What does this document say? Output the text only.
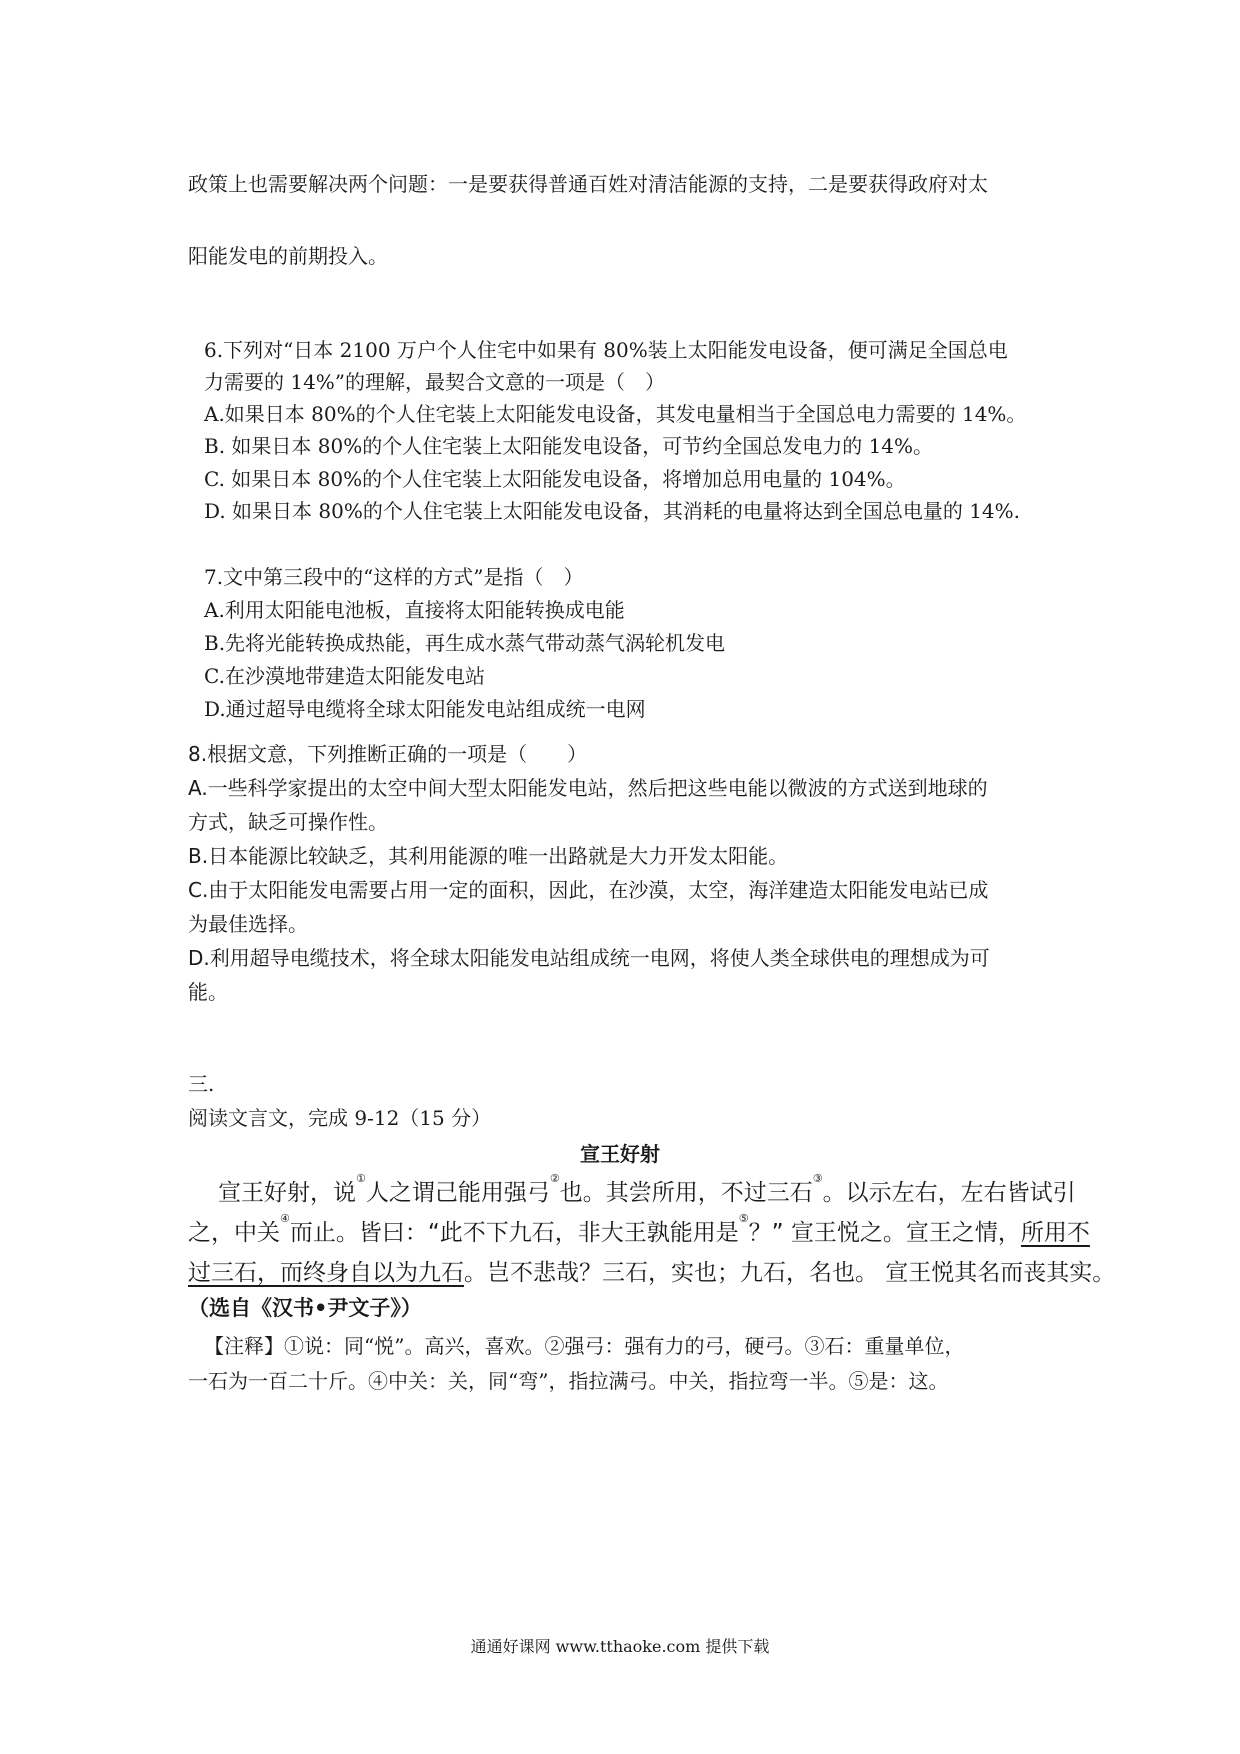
政策上也需要解决两个问题：一是要获得普通百姓对清洁能源的支持，二是要获得政府对太
阳能发电的前期投入。
6.下列对“日本 2100 万户个人住宅中如果有 80%装上太阳能发电设备，便可满足全国总电
力需要的 14%”的理解，最契合文意的一项是（　）
A.如果日本 80%的个人住宅装上太阳能发电设备，其发电量相当于全国总电力需要的 14%。
B. 如果日本 80%的个人住宅装上太阳能发电设备，可节约全国总发电力的 14%。
C. 如果日本 80%的个人住宅装上太阳能发电设备，将增加总用电量的 104%。
D. 如果日本 80%的个人住宅装上太阳能发电设备，其消耗的电量将达到全国总电量的 14%.
7.文中第三段中的“这样的方式”是指（　）
A.利用太阳能电池板，直接将太阳能转换成电能
B.先将光能转换成热能，再生成水蒸气带动蒸气涡轮机发电
C.在沙漠地带建造太阳能发电站
D.通过超导电缆将全球太阳能发电站组成统一电网
8.根据文意，下列推断正确的一项是（　　）
A.一些科学家提出的太空中间大型太阳能发电站，然后把这些电能以微波的方式送到地球的
方式，缺乏可操作性。
B.日本能源比较缺乏，其利用能源的唯一出路就是大力开发太阳能。
C.由于太阳能发电需要占用一定的面积，因此，在沙漠，太空，海洋建造太阳能发电站已成
为最佳选择。
D.利用超导电缆技术，将全球太阳能发电站组成统一电网，将使人类全球供电的理想成为可
能。
三.
阅读文言文，完成 9-12（15 分）
宣王好射
宣王好射，说①人之谓己能用强弓②也。其尝所用，不过三石③。以示左右，左右皆试引
之，中关④而止。皆曰：“此不下九石，非大王孰能用是⑤？” 宣王悦之。宣王之情，所用不
过三石，而终身自以为九石。岂不悲哉？三石，实也；九石，名也。 宣王悦其名而丧其实。
（选自《汉书•尹文子》）
【注释】①说：同“悦”。高兴，喜欢。②强弓：强有力的弓，硬弓。③石：重量单位，
一石为一百二十斤。④中关：关，同“弯”，指拉满弓。中关，指拉弯一半。⑤是：这。
通通好课网 www.tthaoke.com 提供下载
